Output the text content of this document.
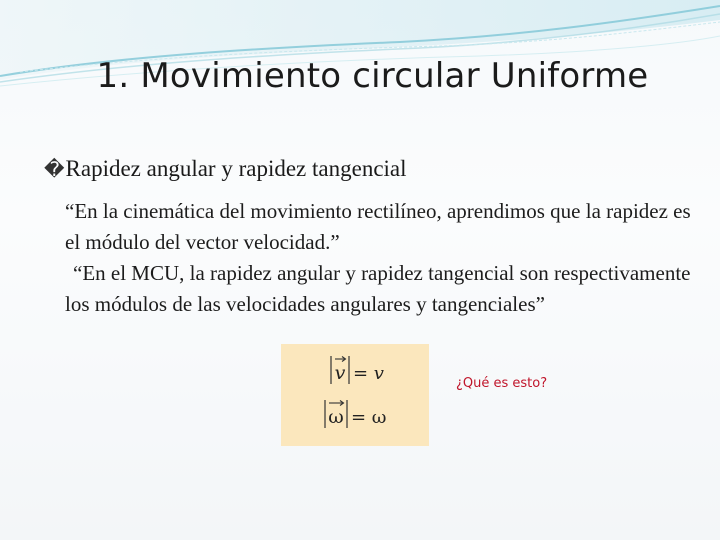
1. Movimiento circular Uniforme
�Rapidez angular y rapidez tangencial
“En la cinemática del movimiento rectilíneo, aprendimos que la rapidez es el módulo del vector velocidad.”
“En el MCU, la rapidez angular y rapidez tangencial son respectivamente los módulos de las velocidades angulares y tangenciales”
v = v
ω = ω
¿Qué es esto?
